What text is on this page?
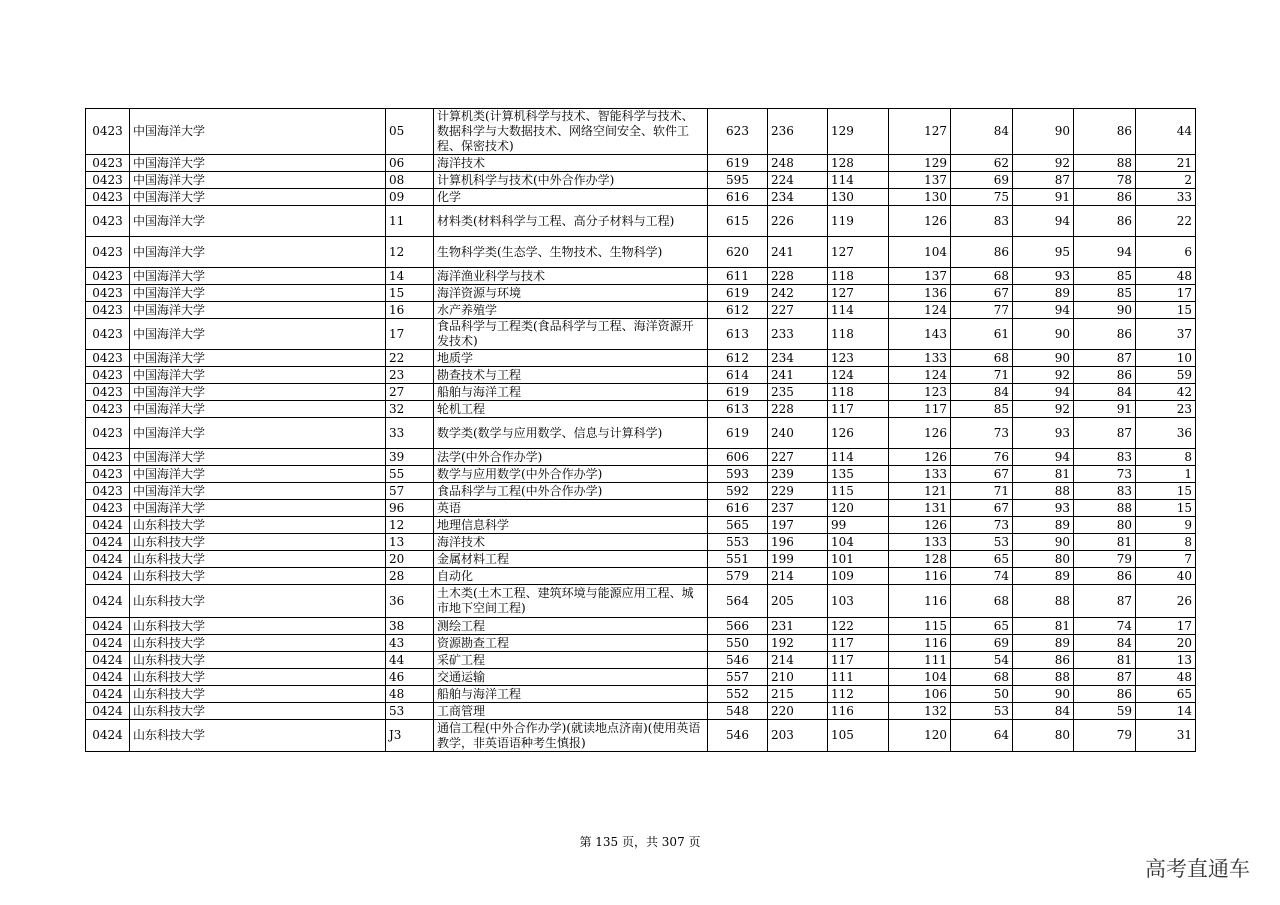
0423	中国海洋大学	05	计算机类(计算机科学与技术、智能科学与技术、数据科学与大数据技术、网络空间安全、软件工程、保密技术)	623	236	129	127	84	90	86	44
0423	中国海洋大学	06	海洋技术	619	248	128	129	62	92	88	21
0423	中国海洋大学	08	计算机科学与技术(中外合作办学)	595	224	114	137	69	87	78	2
0423	中国海洋大学	09	化学	616	234	130	130	75	91	86	33
0423	中国海洋大学	11	材料类(材料科学与工程、高分子材料与工程)	615	226	119	126	83	94	86	22
0423	中国海洋大学	12	生物科学类(生态学、生物技术、生物科学)	620	241	127	104	86	95	94	6
0423	中国海洋大学	14	海洋渔业科学与技术	611	228	118	137	68	93	85	48
0423	中国海洋大学	15	海洋资源与环境	619	242	127	136	67	89	85	17
0423	中国海洋大学	16	水产养殖学	612	227	114	124	77	94	90	15
0423	中国海洋大学	17	食品科学与工程类(食品科学与工程、海洋资源开发技术)	613	233	118	143	61	90	86	37
0423	中国海洋大学	22	地质学	612	234	123	133	68	90	87	10
0423	中国海洋大学	23	勘查技术与工程	614	241	124	124	71	92	86	59
0423	中国海洋大学	27	船舶与海洋工程	619	235	118	123	84	94	84	42
0423	中国海洋大学	32	轮机工程	613	228	117	117	85	92	91	23
0423	中国海洋大学	33	数学类(数学与应用数学、信息与计算科学)	619	240	126	126	73	93	87	36
0423	中国海洋大学	39	法学(中外合作办学)	606	227	114	126	76	94	83	8
0423	中国海洋大学	55	数学与应用数学(中外合作办学)	593	239	135	133	67	81	73	1
0423	中国海洋大学	57	食品科学与工程(中外合作办学)	592	229	115	121	71	88	83	15
0423	中国海洋大学	96	英语	616	237	120	131	67	93	88	15
0424	山东科技大学	12	地理信息科学	565	197	99	126	73	89	80	9
0424	山东科技大学	13	海洋技术	553	196	104	133	53	90	81	8
0424	山东科技大学	20	金属材料工程	551	199	101	128	65	80	79	7
0424	山东科技大学	28	自动化	579	214	109	116	74	89	86	40
0424	山东科技大学	36	土木类(土木工程、建筑环境与能源应用工程、城市地下空间工程)	564	205	103	116	68	88	87	26
0424	山东科技大学	38	测绘工程	566	231	122	115	65	81	74	17
0424	山东科技大学	43	资源勘查工程	550	192	117	116	69	89	84	20
0424	山东科技大学	44	采矿工程	546	214	117	111	54	86	81	13
0424	山东科技大学	46	交通运输	557	210	111	104	68	88	87	48
0424	山东科技大学	48	船舶与海洋工程	552	215	112	106	50	90	86	65
0424	山东科技大学	53	工商管理	548	220	116	132	53	84	59	14
0424	山东科技大学	J3	通信工程(中外合作办学)(就读地点济南)(使用英语教学，非英语语种考生慎报)	546	203	105	120	64	80	79	31
第 135 页，共 307 页
高考直通车
